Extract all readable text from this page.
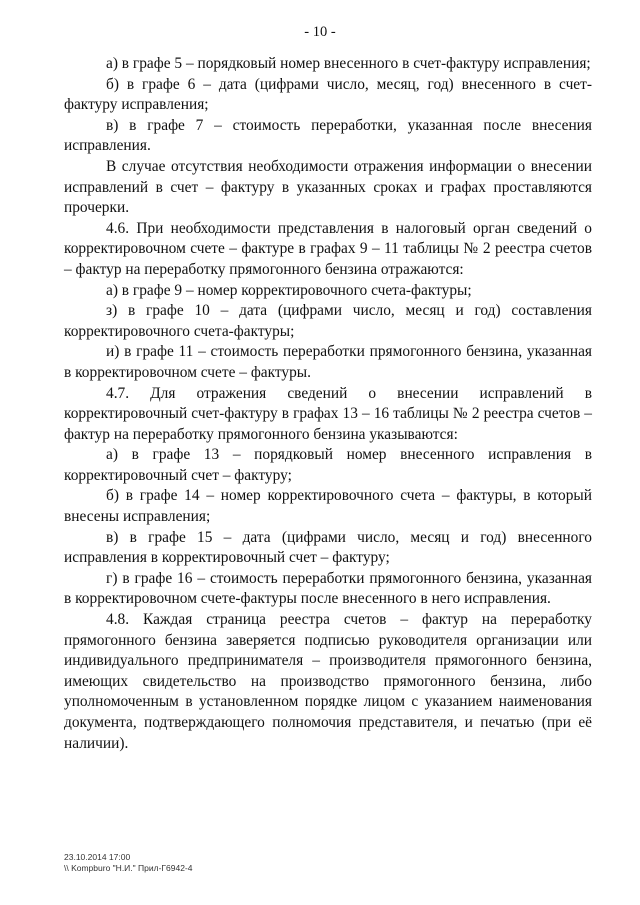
- 10 -

а) в графе 5 – порядковый номер внесенного в счет-фактуру исправления;

б) в графе 6 – дата (цифрами число, месяц, год) внесенного в счет-фактуру исправления;

в) в графе 7 – стоимость переработки, указанная после внесения исправления.

В случае отсутствия необходимости отражения информации о внесении исправлений в счет – фактуру в указанных сроках и графах проставляются прочерки.

4.6. При необходимости представления в налоговый орган сведений о корректировочном счете – фактуре в графах 9 – 11 таблицы № 2 реестра счетов – фактур на переработку прямогонного бензина отражаются:

а) в графе 9 – номер корректировочного счета-фактуры;

з) в графе 10 – дата (цифрами число, месяц и год) составления корректировочного счета-фактуры;

и) в графе 11 – стоимость переработки прямогонного бензина, указанная в корректировочном счете – фактуры.

4.7. Для отражения сведений о внесении исправлений в корректировочный счет-фактуру в графах 13 – 16 таблицы № 2 реестра счетов – фактур на переработку прямогонного бензина указываются:

а) в графе 13 – порядковый номер внесенного исправления в корректировочный счет – фактуру;

б) в графе 14 – номер корректировочного счета – фактуры, в который внесены исправления;

в) в графе 15 – дата (цифрами число, месяц и год) внесенного исправления в корректировочный счет – фактуру;

г) в графе 16 – стоимость переработки прямогонного бензина, указанная в корректировочном счете-фактуры после внесенного в него исправления.

4.8. Каждая страница реестра счетов – фактур на переработку прямогонного бензина заверяется подписью руководителя организации или индивидуального предпринимателя – производителя прямогонного бензина, имеющих свидетельство на производство прямогонного бензина, либо уполномоченным в установленном порядке лицом с указанием наименования документа, подтверждающего полномочия представителя, и печатью (при её наличии).

23.10.2014 17:00
\\ Kompburo "Н.И." Прил-Г6942-4
